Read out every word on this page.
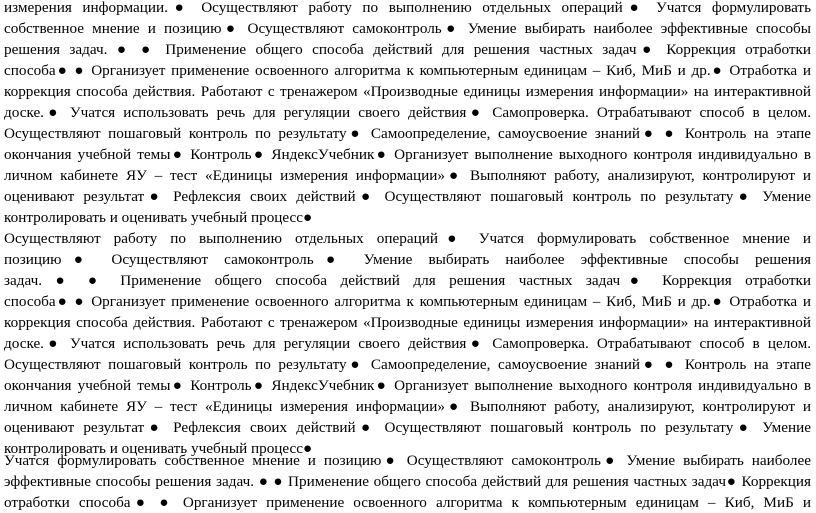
измерения информации.● Осуществляют работу по выполнению отдельных операций● Учатся формулировать
собственное мнение и позицию● Осуществляют самоконтроль● Умение выбирать наиболее эффективные способы
решения задач. ● ● Применение общего способа действий для решения частных задач● Коррекция отработки
способа● ● Организует применение освоенного алгоритма к компьютерным единицам – Киб, МиБ и др.● Отработка и
коррекция способа действия. Работают с тренажером «Производные единицы измерения информации» на интерактивной
доске.● Учатся использовать речь для регуляции своего действия● Самопроверка. Отрабатывают способ в целом.
Осуществляют пошаговый контроль по результату● Самоопределение, самоусвоение знаний● ● Контроль на этапе
окончания учебной темы● Контроль● ЯндексУчебник● Организует выполнение выходного контроля индивидуально в
личном кабинете ЯУ – тест «Единицы измерения информации»● Выполняют работу, анализируют, контролируют и
оценивают результат● Рефлексия своих действий● Осуществляют пошаговый контроль по результату● Умение
контролировать и оценивать учебный процесс●
Осуществляют работу по выполнению отдельных операций● Учатся формулировать собственное мнение и
позицию● Осуществляют самоконтроль● Умение выбирать наиболее эффективные способы решения
задач. ● ● Применение общего способа действий для решения частных задач● Коррекция отработки
способа● ● Организует применение освоенного алгоритма к компьютерным единицам – Киб, МиБ и др.● Отработка и
коррекция способа действия. Работают с тренажером «Производные единицы измерения информации» на интерактивной
доске.● Учатся использовать речь для регуляции своего действия● Самопроверка. Отрабатывают способ в целом.
Осуществляют пошаговый контроль по результату● Самоопределение, самоусвоение знаний● ● Контроль на этапе
окончания учебной темы● Контроль● ЯндексУчебник● Организует выполнение выходного контроля индивидуально в
личном кабинете ЯУ – тест «Единицы измерения информации»● Выполняют работу, анализируют, контролируют и
оценивают результат● Рефлексия своих действий● Осуществляют пошаговый контроль по результату● Умение
контролировать и оценивать учебный процесс●
Учатся формулировать собственное мнение и позицию● Осуществляют самоконтроль● Умение выбирать наиболее
эффективные способы решения задач. ● ● Применение общего способа действий для решения частных задач● Коррекция
отработки способа● ● Организует применение освоенного алгоритма к компьютерным единицам – Киб, МиБ и
